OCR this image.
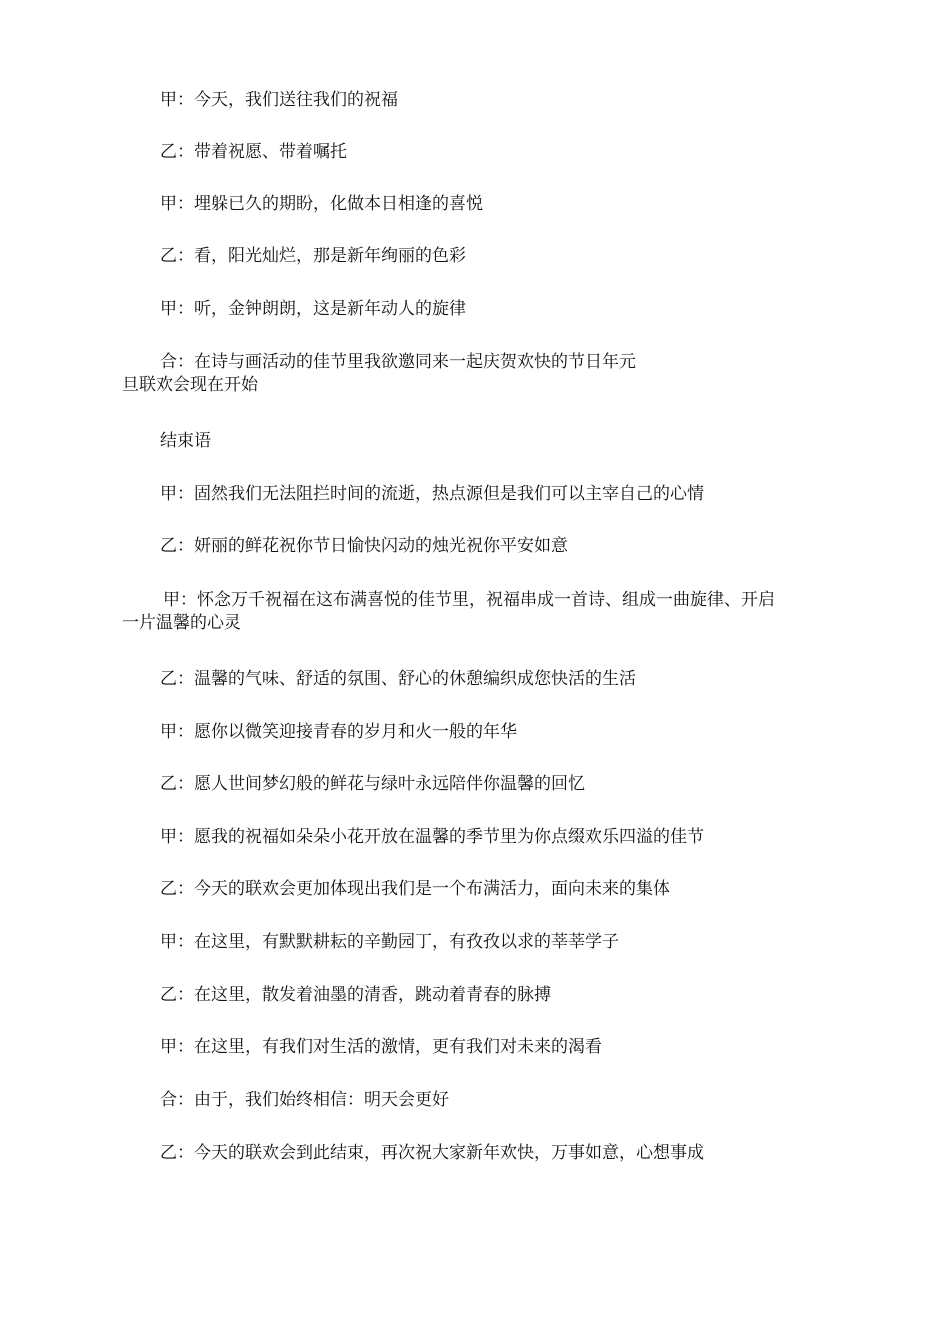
甲：今天，我们送往我们的祝福

乙：带着祝愿、带着嘱托

甲：埋躲已久的期盼，化做本日相逢的喜悦

乙：看，阳光灿烂，那是新年绚丽的色彩

甲：听，金钟朗朗，这是新年动人的旋律

合：在诗与画活动的佳节里我欲邀同来一起庆贺欢快的节日年元
旦联欢会现在开始

结束语

甲：固然我们无法阻拦时间的流逝，热点源但是我们可以主宰自己的心情

乙：妍丽的鲜花祝你节日愉快闪动的烛光祝你平安如意

甲：怀念万千祝福在这布满喜悦的佳节里，祝福串成一首诗、组成一曲旋律、开启
一片温馨的心灵

乙：温馨的气味、舒适的氛围、舒心的休憩编织成您快活的生活

甲：愿你以微笑迎接青春的岁月和火一般的年华

乙：愿人世间梦幻般的鲜花与绿叶永远陪伴你温馨的回忆

甲：愿我的祝福如朵朵小花开放在温馨的季节里为你点缀欢乐四溢的佳节

乙：今天的联欢会更加体现出我们是一个布满活力，面向未来的集体

甲：在这里，有默默耕耘的辛勤园丁，有孜孜以求的莘莘学子

乙：在这里，散发着油墨的清香，跳动着青春的脉搏

甲：在这里，有我们对生活的激情，更有我们对未来的渴看

合：由于，我们始终相信：明天会更好

乙：今天的联欢会到此结束，再次祝大家新年欢快，万事如意，心想事成
